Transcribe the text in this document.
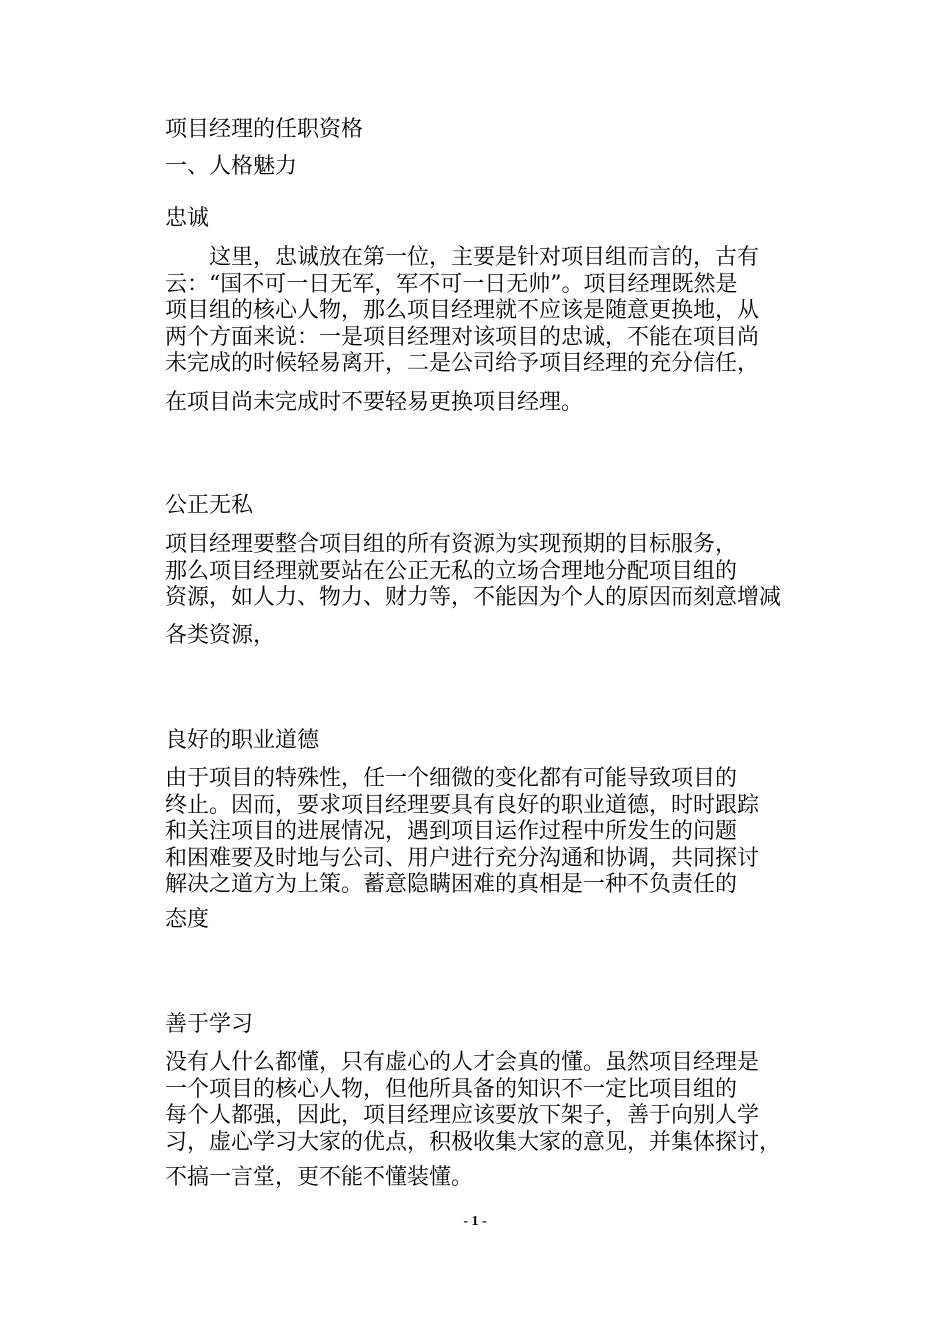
项目经理的任职资格

一、人格魅力

忠诚

这里，忠诚放在第一位，主要是针对项目组而言的，古有
云：“国不可一日无军，军不可一日无帅”。项目经理既然是
项目组的核心人物，那么项目经理就不应该是随意更换地，从
两个方面来说：一是项目经理对该项目的忠诚，不能在项目尚
未完成的时候轻易离开，二是公司给予项目经理的充分信任，

在项目尚未完成时不要轻易更换项目经理。

公正无私

项目经理要整合项目组的所有资源为实现预期的目标服务，
那么项目经理就要站在公正无私的立场合理地分配项目组的
资源，如人力、物力、财力等，不能因为个人的原因而刻意增减

各类资源，

良好的职业道德

由于项目的特殊性，任一个细微的变化都有可能导致项目的
终止。因而，要求项目经理要具有良好的职业道德，时时跟踪
和关注项目的进展情况，遇到项目运作过程中所发生的问题
和困难要及时地与公司、用户进行充分沟通和协调，共同探讨
解决之道方为上策。蓄意隐瞒困难的真相是一种不负责任的

态度

善于学习

没有人什么都懂，只有虚心的人才会真的懂。虽然项目经理是
一个项目的核心人物，但他所具备的知识不一定比项目组的
每个人都强，因此，项目经理应该要放下架子，善于向别人学
习，虚心学习大家的优点，积极收集大家的意见，并集体探讨，

不搞一言堂，更不能不懂装懂。

- 1 -
